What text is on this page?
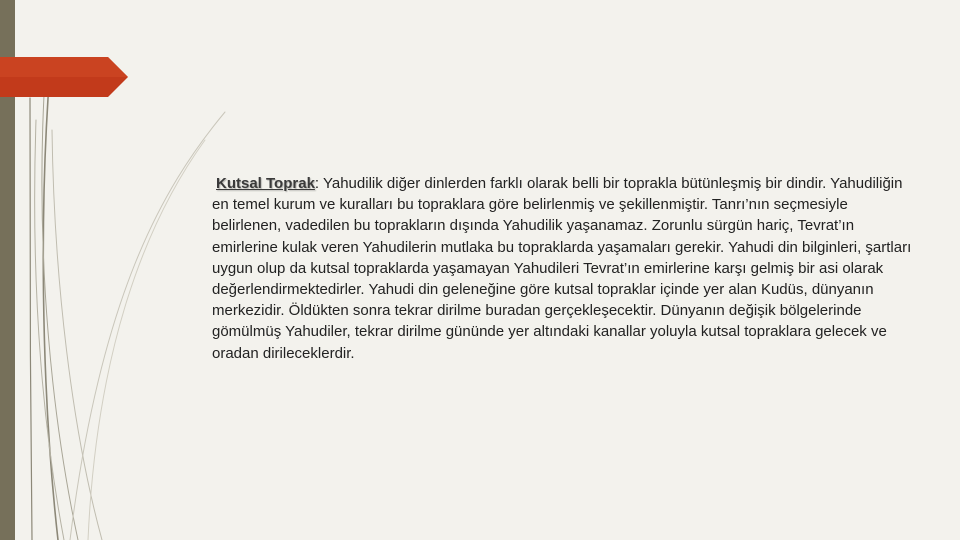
Kutsal Toprak: Yahudilik diğer dinlerden farklı olarak belli bir toprakla bütünleşmiş bir dindir. Yahudiliğin en temel kurum ve kuralları bu topraklara göre belirlenmiş ve şekillenmiştir. Tanrı’nın seçmesiyle belirlenen, vadedilen bu toprakların dışında Yahudilik yaşanamaz. Zorunlu sürgün hariç, Tevrat’ın emirlerine kulak veren Yahudilerin mutlaka bu topraklarda yaşamaları gerekir. Yahudi din bilginleri, şartları uygun olup da kutsal topraklarda yaşamayan Yahudileri Tevrat’ın emirlerine karşı gelmiş bir asi olarak değerlendirmektedirler. Yahudi din geleneğine göre kutsal topraklar içinde yer alan Kudüs, dünyanın merkezidir. Öldükten sonra tekrar dirilme buradan gerçekleşecektir. Dünyanın değişik bölgelerinde gömülmüş Yahudiler, tekrar dirilme gününde yer altındaki kanallar yoluyla kutsal topraklara gelecek ve oradan dirileceklerdir.
